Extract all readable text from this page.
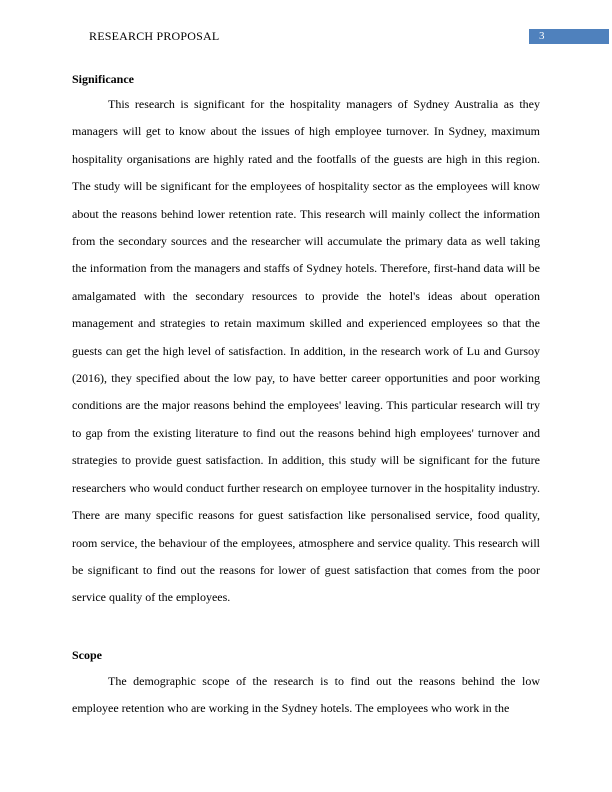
RESEARCH PROPOSAL	3
Significance

This research is significant for the hospitality managers of Sydney Australia as they managers will get to know about the issues of high employee turnover. In Sydney, maximum hospitality organisations are highly rated and the footfalls of the guests are high in this region. The study will be significant for the employees of hospitality sector as the employees will know about the reasons behind lower retention rate. This research will mainly collect the information from the secondary sources and the researcher will accumulate the primary data as well taking the information from the managers and staffs of Sydney hotels. Therefore, first-hand data will be amalgamated with the secondary resources to provide the hotel's ideas about operation management and strategies to retain maximum skilled and experienced employees so that the guests can get the high level of satisfaction. In addition, in the research work of Lu and Gursoy (2016), they specified about the low pay, to have better career opportunities and poor working conditions are the major reasons behind the employees' leaving. This particular research will try to gap from the existing literature to find out the reasons behind high employees' turnover and strategies to provide guest satisfaction. In addition, this study will be significant for the future researchers who would conduct further research on employee turnover in the hospitality industry. There are many specific reasons for guest satisfaction like personalised service, food quality, room service, the behaviour of the employees, atmosphere and service quality. This research will be significant to find out the reasons for lower of guest satisfaction that comes from the poor service quality of the employees.

Scope

The demographic scope of the research is to find out the reasons behind the low employee retention who are working in the Sydney hotels. The employees who work in the
